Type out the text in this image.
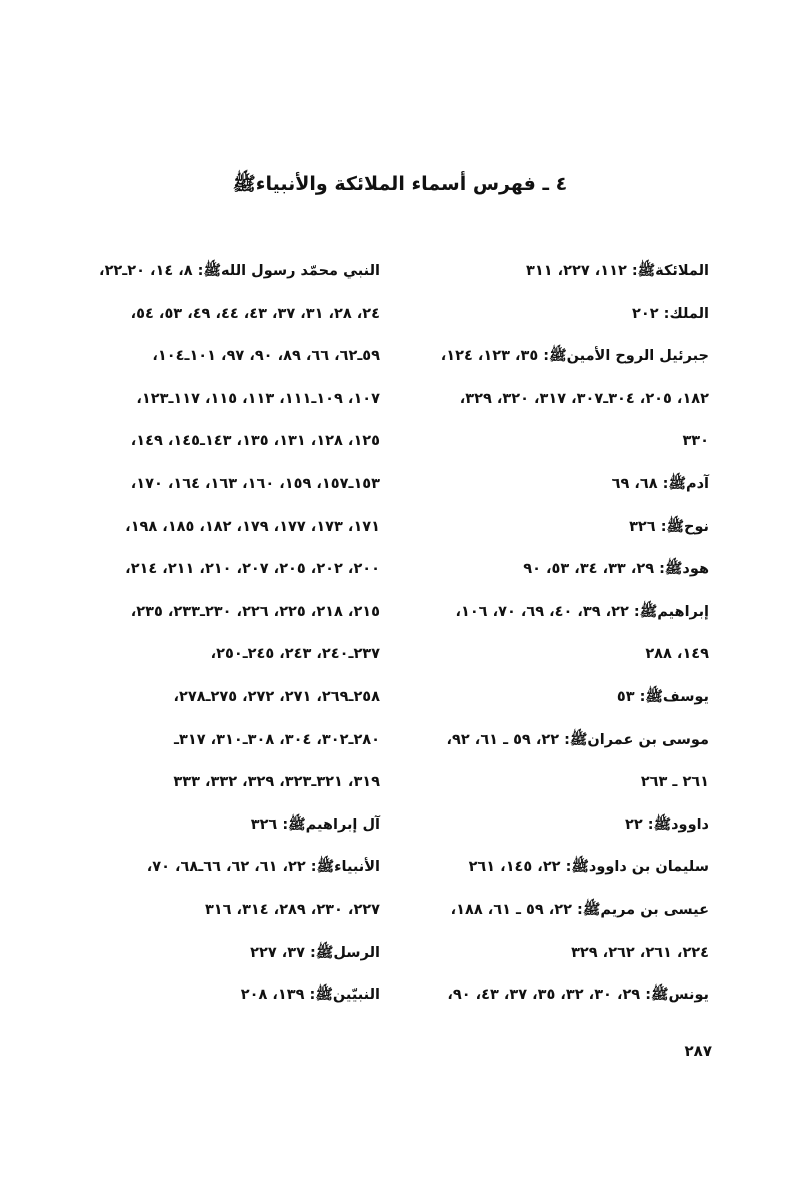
٤ ـ فهرس أسماء الملائكة والأنبياءﷺ
الملائكةﷺ: ١١٢، ٢٢٧، ٣١١
الملك: ٢٠٢
جبرئيل الروح الأمينﷺ: ٣٥، ١٢٣، ١٢٤،
١٨٢، ٢٠٥، ٣٠٤ـ٣٠٧، ٣١٧، ٣٢٠، ٣٢٩،
٣٣٠
آدمﷺ: ٦٨، ٦٩
نوحﷺ: ٣٢٦
هودﷺ: ٢٩، ٣٣، ٣٤، ٥٣، ٩٠
إبراهيمﷺ: ٢٢، ٣٩، ٤٠، ٦٩، ٧٠، ١٠٦،
١٤٩، ٢٨٨
يوسفﷺ: ٥٣
موسى بن عمرانﷺ: ٢٢، ٥٩ ـ ٦١، ٩٢،
٢٦١ ـ ٢٦٣
داوودﷺ: ٢٢
سليمان بن داوودﷺ: ٢٢، ١٤٥، ٢٦١
عيسى بن مريمﷺ: ٢٢، ٥٩ ـ ٦١، ١٨٨،
٢٢٤، ٢٦١، ٢٦٢، ٣٢٩
يونسﷺ: ٢٩، ٣٠، ٣٢، ٣٥، ٣٧، ٤٣، ٩٠،
النبي محمّد رسول اللهﷺ: ٨، ١٤، ٢٠ـ٢٢،
٢٤، ٢٨، ٣١، ٣٧، ٤٣، ٤٤، ٤٩، ٥٣، ٥٤،
٥٩ـ٦٢، ٦٦، ٨٩، ٩٠، ٩٧، ١٠١ـ١٠٤،
١٠٧، ١٠٩ـ١١١، ١١٣، ١١٥، ١١٧ـ١٢٣،
١٢٥، ١٢٨، ١٣١، ١٣٥، ١٤٣ـ١٤٥، ١٤٩،
١٥٣ـ١٥٧، ١٥٩، ١٦٠، ١٦٣، ١٦٤، ١٧٠،
١٧١، ١٧٣، ١٧٧، ١٧٩، ١٨٢، ١٨٥، ١٩٨،
٢٠٠، ٢٠٢، ٢٠٥، ٢٠٧، ٢١٠، ٢١١، ٢١٤،
٢١٥، ٢١٨، ٢٢٥، ٢٢٦، ٢٣٠ـ٢٣٣، ٢٣٥،
٢٣٧ـ٢٤٠، ٢٤٣، ٢٤٥ـ٢٥٠،
٢٥٨ـ٢٦٩، ٢٧١، ٢٧٢، ٢٧٥ـ٢٧٨،
٢٨٠ـ٣٠٢، ٣٠٤، ٣٠٨ـ٣١٠، ٣١٧ـ
٣١٩، ٣٢١ـ٣٢٣، ٣٢٩، ٣٣٢، ٣٣٣
آل إبراهيمﷺ: ٣٢٦
الأنبياءﷺ: ٢٢، ٦١، ٦٢، ٦٦ـ٦٨، ٧٠،
٢٢٧، ٢٣٠، ٢٨٩، ٣١٤، ٣١٦
الرسلﷺ: ٣٧، ٢٢٧
النبيّينﷺ: ١٣٩، ٢٠٨
٢٨٧
